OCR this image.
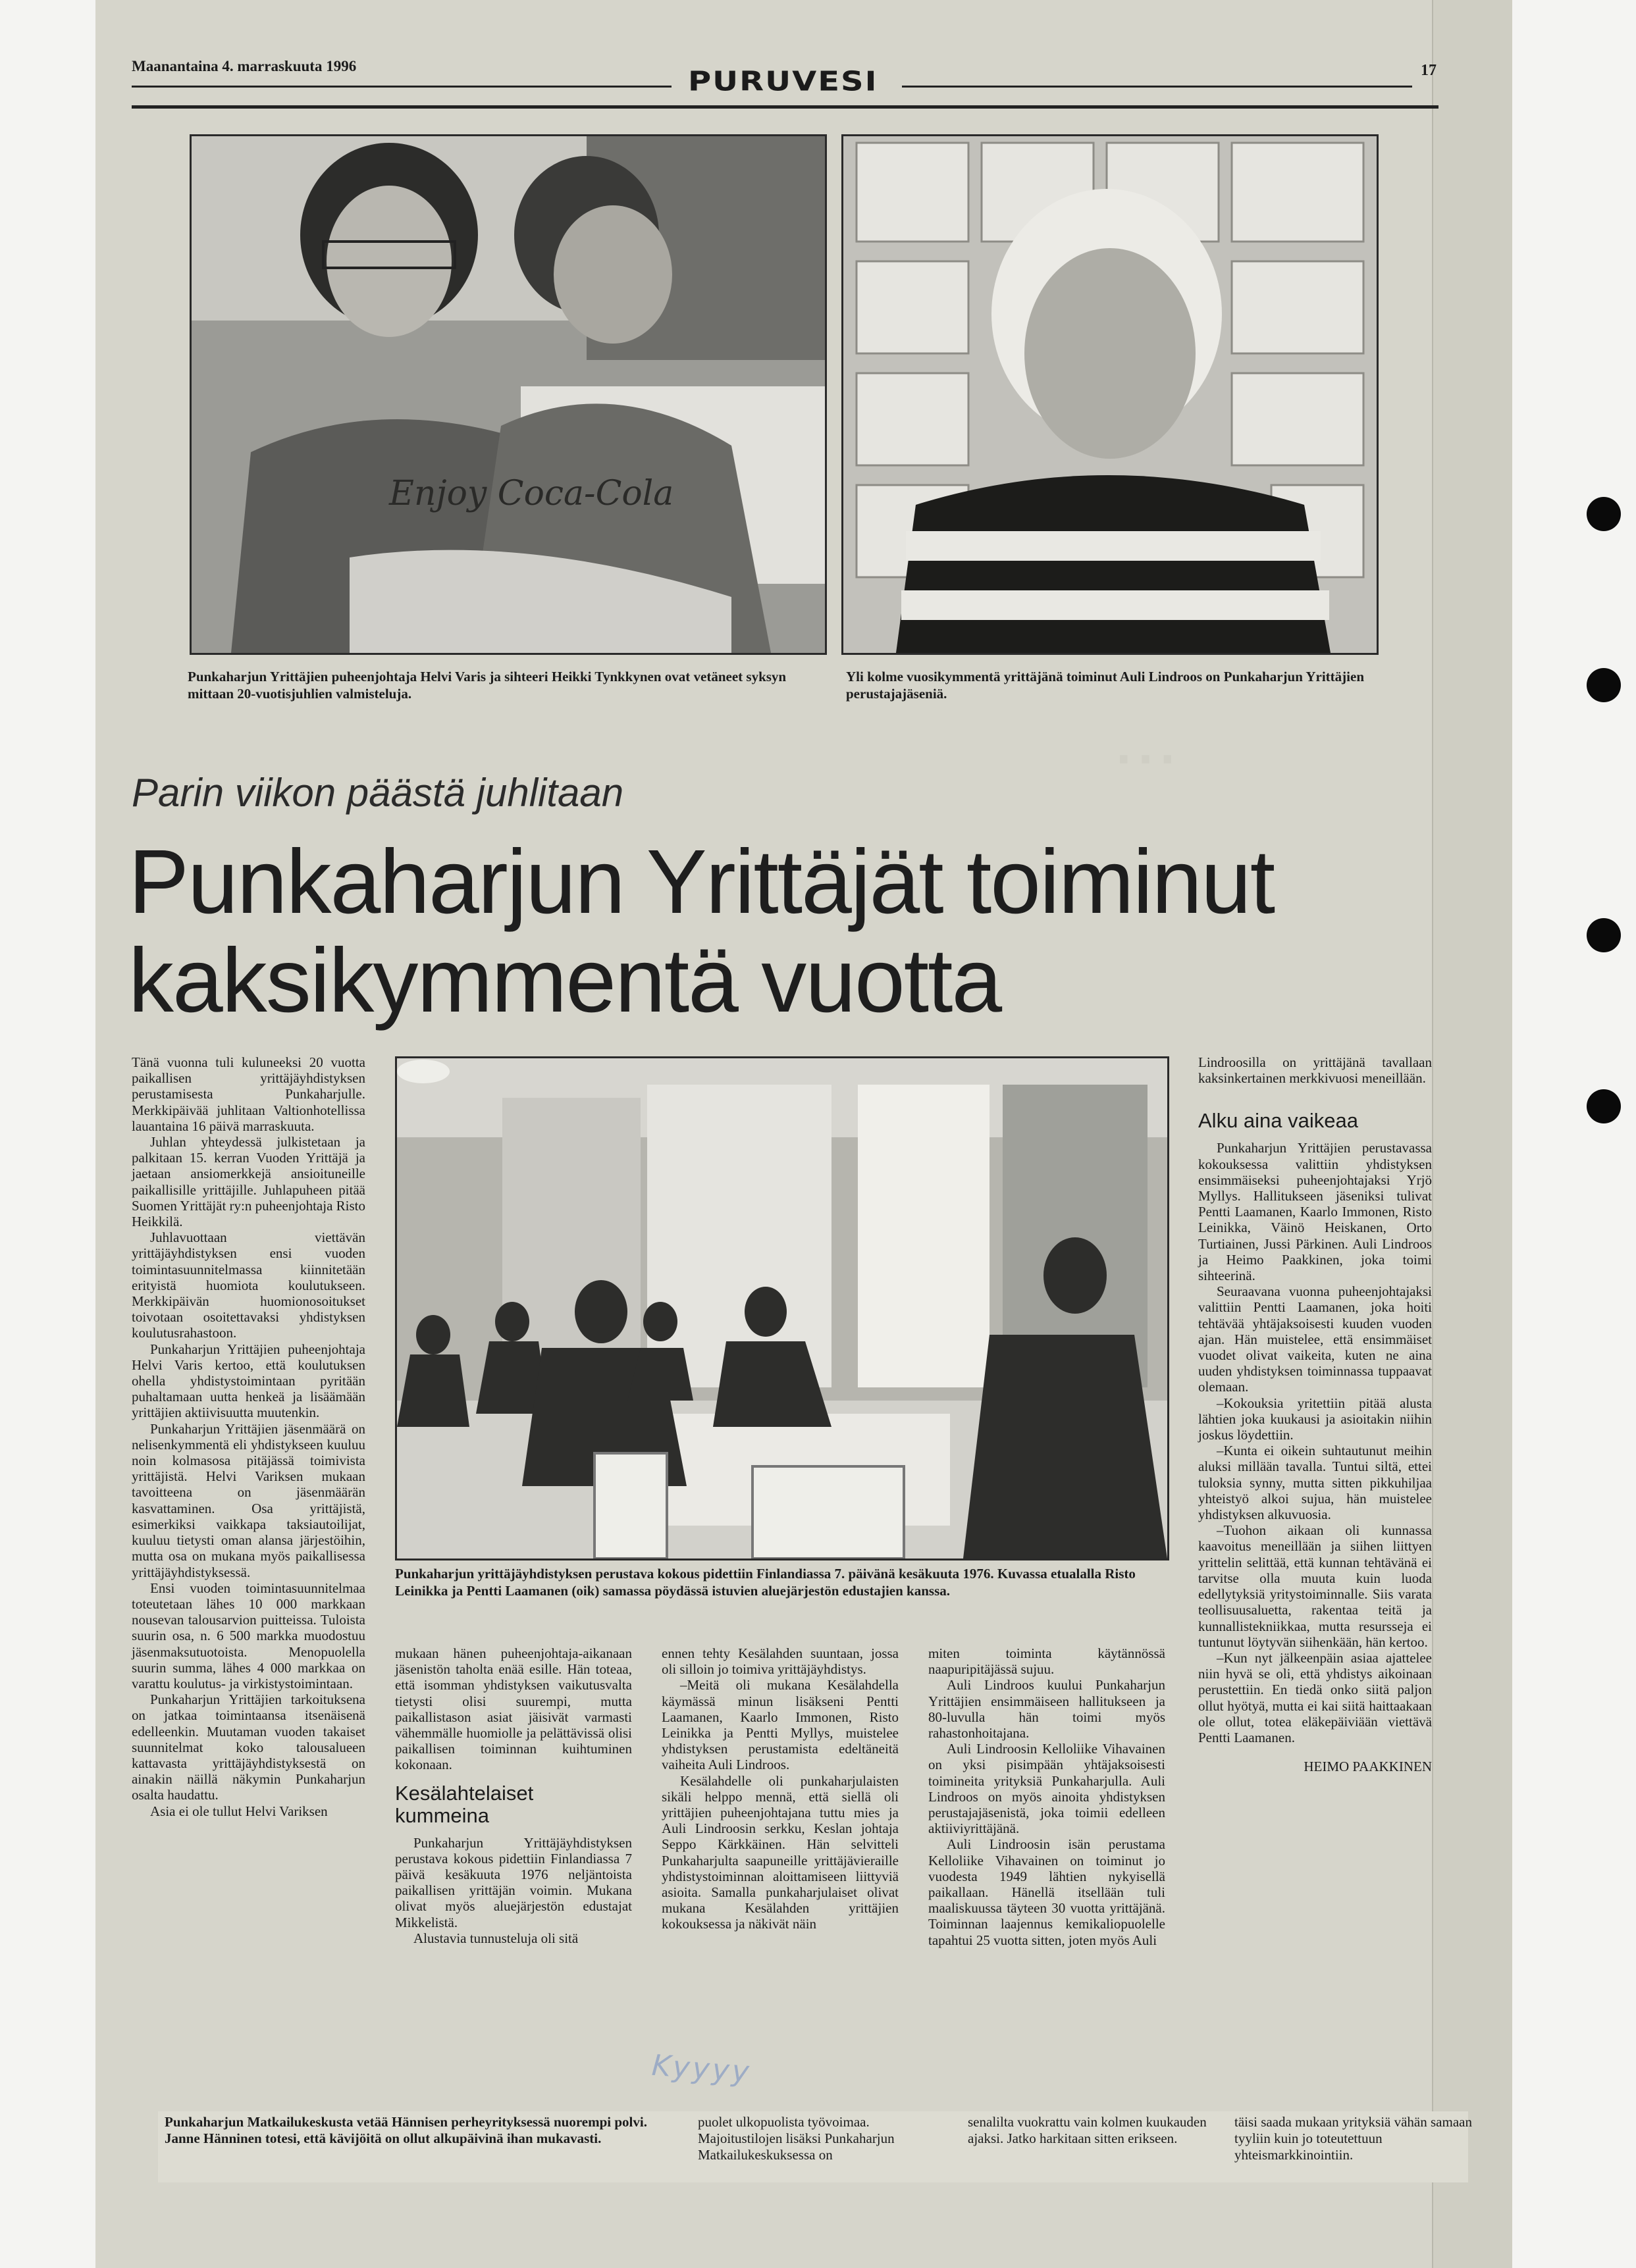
...
Maanantaina 4. marraskuuta 1996	PURUVESI	17
Enjoy Coca-Cola
Punkaharjun Yrittäjien puheenjohtaja Helvi Varis ja sihteeri Heikki Tynkkynen ovat vetäneet syksyn mittaan 20-vuotisjuhlien valmisteluja.
Yli kolme vuosikymmentä yrittäjänä toiminut Auli Lindroos on Punkaharjun Yrittäjien perustajajäseniä.
Parin viikon päästä juhlitaan
Punkaharjun Yrittäjät toiminut kaksikymmentä vuotta
Punkaharjun yrittäjäyhdistyksen perustava kokous pidettiin Finlandiassa 7. päivänä kesäkuuta 1976. Kuvassa etualalla Risto Leinikka ja Pentti Laamanen (oik) samassa pöydässä istuvien aluejärjestön edustajien kanssa.

Tänä vuonna tuli kuluneeksi 20 vuotta paikallisen yrittäjäyhdistyksen perustamisesta Punkaharjulle. Merkkipäivää juhlitaan Valtionhotellissa lauantaina 16 päivä marraskuuta.

Juhlan yhteydessä julkistetaan ja palkitaan 15. kerran Vuoden Yrittäjä ja jaetaan ansiomerkkejä ansioituneille paikallisille yrittäjille. Juhlapuheen pitää Suomen Yrittäjät ry:n puheenjohtaja Risto Heikkilä.

Juhlavuottaan viettävän yrittäjäyhdistyksen ensi vuoden toimintasuunnitelmassa kiinnitetään erityistä huomiota koulutukseen. Merkkipäivän huomionosoitukset toivotaan osoitettavaksi yhdistyksen koulutusrahastoon.

Punkaharjun Yrittäjien puheenjohtaja Helvi Varis kertoo, että koulutuksen ohella yhdistystoimintaan pyritään puhaltamaan uutta henkeä ja lisäämään yrittäjien aktiivisuutta muutenkin.

Punkaharjun Yrittäjien jäsenmäärä on nelisenkymmentä eli yhdistykseen kuuluu noin kolmasosa pitäjässä toimivista yrittäjistä. Helvi Variksen mukaan tavoitteena on jäsenmäärän kasvattaminen. Osa yrittäjistä, esimerkiksi vaikkapa taksiautoilijat, kuuluu tietysti oman alansa järjestöihin, mutta osa on mukana myös paikallisessa yrittäjäyhdistyksessä.

Ensi vuoden toimintasuunnitelmaa toteutetaan lähes 10 000 markkaan nousevan talousarvion puitteissa. Tuloista suurin osa, n. 6 500 markka muodostuu jäsenmaksutuotoista. Menopuolella suurin summa, lähes 4 000 markkaa on varattu koulutus- ja virkistystoimintaan.

Punkaharjun Yrittäjien tarkoituksena on jatkaa toimintaansa itsenäisenä edelleenkin. Muutaman vuoden takaiset suunnitelmat koko talousalueen kattavasta yrittäjäyhdistyksestä on ainakin näillä näkymin Punkaharjun osalta haudattu.

Asia ei ole tullut Helvi Variksen

mukaan hänen puheenjohtaja-aikanaan jäsenistön taholta enää esille. Hän toteaa, että isomman yhdistyksen vaikutusvalta tietysti olisi suurempi, mutta paikallistason asiat jäisivät varmasti vähemmälle huomiolle ja pelättävissä olisi paikallisen toiminnan kuihtuminen kokonaan.

Kesälahtelaiset kummeina

Punkaharjun Yrittäjäyhdistyksen perustava kokous pidettiin Finlandiassa 7 päivä kesäkuuta 1976 neljäntoista paikallisen yrittäjän voimin. Mukana olivat myös aluejärjestön edustajat Mikkelistä.

Alustavia tunnusteluja oli sitä

ennen tehty Kesälahden suuntaan, jossa oli silloin jo toimiva yrittäjäyhdistys.

–Meitä oli mukana Kesälahdella käymässä minun lisäkseni Pentti Laamanen, Kaarlo Immonen, Risto Leinikka ja Pentti Myllys, muistelee yhdistyksen perustamista edeltäneitä vaiheita Auli Lindroos.

Kesälahdelle oli punkaharjulaisten sikäli helppo mennä, että siellä oli yrittäjien puheenjohtajana tuttu mies ja Auli Lindroosin serkku, Keslan johtaja Seppo Kärkkäinen. Hän selvitteli Punkaharjulta saapuneille yrittäjävieraille yhdistystoiminnan aloittamiseen liittyviä asioita. Samalla punkaharjulaiset olivat mukana Kesälahden yrittäjien kokouksessa ja näkivät näin

miten toiminta käytännössä naapuripitäjässä sujuu.

Auli Lindroos kuului Punkaharjun Yrittäjien ensimmäiseen hallitukseen ja 80-luvulla hän toimi myös rahastonhoitajana.

Auli Lindroosin Kelloliike Vihavainen on yksi pisimpään yhtäjaksoisesti toimineita yrityksiä Punkaharjulla. Auli Lindroos on myös ainoita yhdistyksen perustajajäsenistä, joka toimii edelleen aktiiviyrittäjänä.

Auli Lindroosin isän perustama Kelloliike Vihavainen on toiminut jo vuodesta 1949 lähtien nykyisellä paikallaan. Hänellä itsellään tuli maaliskuussa täyteen 30 vuotta yrittäjänä. Toiminnan laajennus kemikaliopuolelle tapahtui 25 vuotta sitten, joten myös Auli

Lindroosilla on yrittäjänä tavallaan kaksinkertainen merkkivuosi meneillään.

Alku aina vaikeaa

Punkaharjun Yrittäjien perustavassa kokouksessa valittiin yhdistyksen ensimmäiseksi puheenjohtajaksi Yrjö Myllys. Hallitukseen jäseniksi tulivat Pentti Laamanen, Kaarlo Immonen, Risto Leinikka, Väinö Heiskanen, Orto Turtiainen, Jussi Pärkinen. Auli Lindroos ja Heimo Paakkinen, joka toimi sihteerinä.

Seuraavana vuonna puheenjohtajaksi valittiin Pentti Laamanen, joka hoiti tehtävää yhtäjaksoisesti kuuden vuoden ajan. Hän muistelee, että ensimmäiset vuodet olivat vaikeita, kuten ne aina uuden yhdistyksen toiminnassa tuppaavat olemaan.

–Kokouksia yritettiin pitää alusta lähtien joka kuukausi ja asioitakin niihin joskus löydettiin.

–Kunta ei oikein suhtautunut meihin aluksi millään tavalla. Tuntui siltä, ettei tuloksia synny, mutta sitten pikkuhiljaa yhteistyö alkoi sujua, hän muistelee yhdistyksen alkuvuosia.

–Tuohon aikaan oli kunnassa kaavoitus meneillään ja siihen liittyen yrittelin selittää, että kunnan tehtävänä ei tarvitse olla muuta kuin luoda edellytyksiä yritystoiminnalle. Siis varata teollisuusaluetta, rakentaa teitä ja kunnallistekniikkaa, mutta resursseja ei tuntunut löytyvän siihenkään, hän kertoo.

–Kun nyt jälkeenpäin asiaa ajattelee niin hyvä se oli, että yhdistys aikoinaan perustettiin. En tiedä onko siitä paljon ollut hyötyä, mutta ei kai siitä haittaakaan ole ollut, totea eläkepäiviään viettävä Pentti Laamanen.

HEIMO PAAKKINEN

Kyyyy
Punkaharjun Matkailukeskusta vetää Hännisen perheyrityksessä nuorempi polvi. Janne Hänninen totesi, että kävijöitä on ollut alkupäivinä ihan mukavasti.
puolet ulkopuolista työvoimaa. Majoitustilojen lisäksi Punkaharjun Matkailukeskuksessa on
senalilta vuokrattu vain kolmen kuukauden ajaksi. Jatko harkitaan sitten erikseen.
täisi saada mukaan yrityksiä vähän samaan tyyliin kuin jo toteutettuun yhteismarkkinointiin.
